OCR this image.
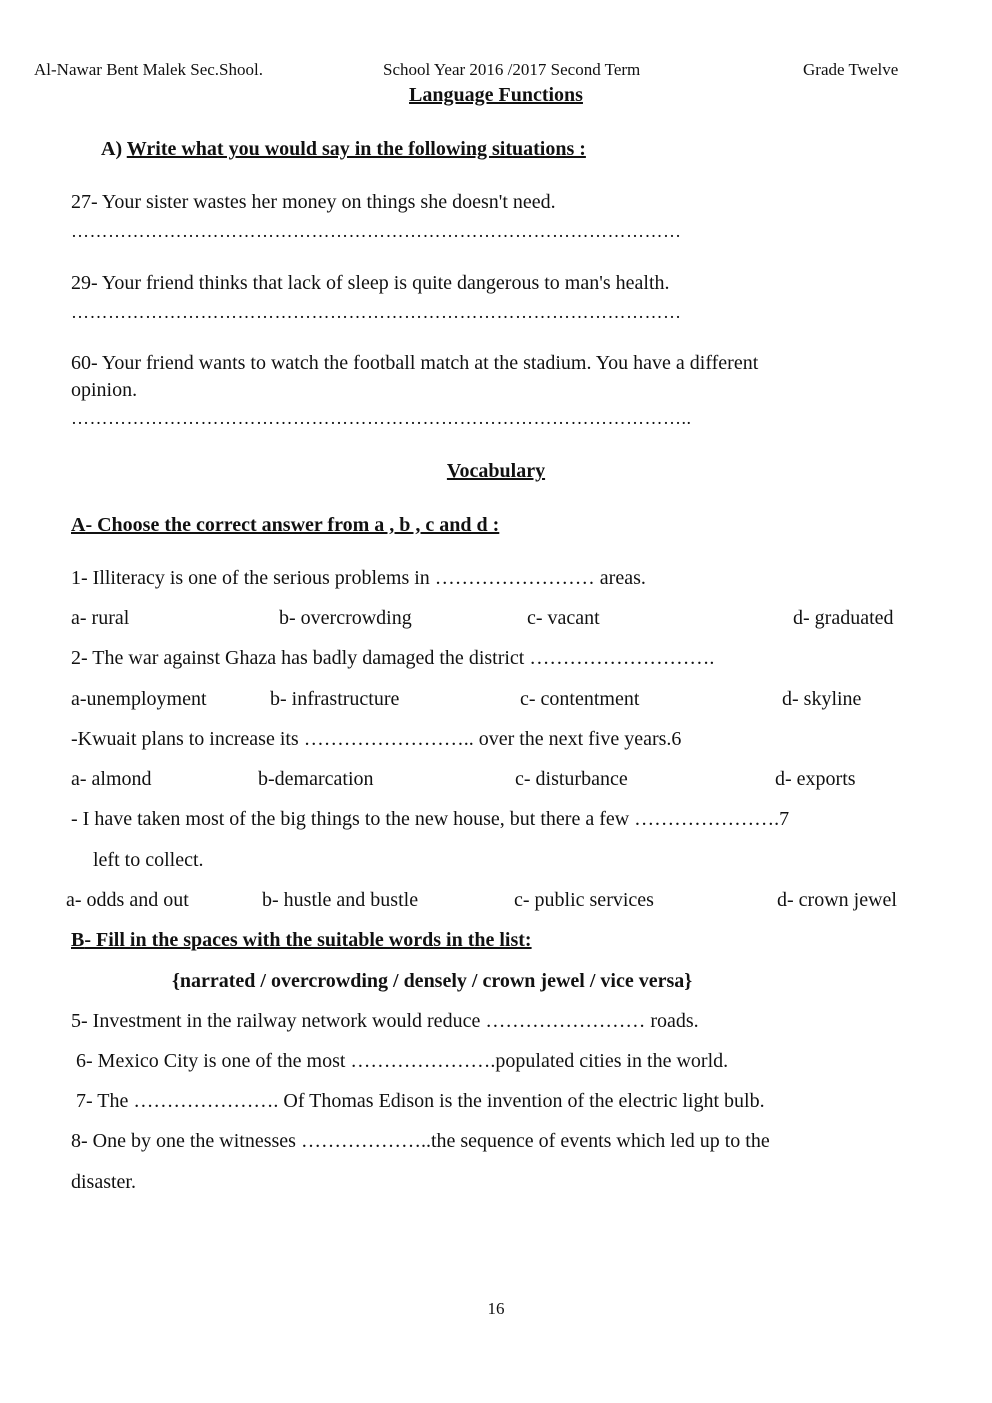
Al-Nawar Bent Malek Sec.Shool.	School Year 2016 /2017 Second Term	Grade Twelve
Language Functions
A) Write what you would say in the following situations :
27- Your sister wastes her money on things she doesn't need.
………………………………………………………………………………………
29- Your friend thinks that lack of sleep is quite dangerous to man's health.
………………………………………………………………………………………
60- Your friend wants to watch the football match at the stadium. You have a different
opinion.
………………………………………………………………………………………..
Vocabulary
A- Choose the correct answer from a , b , c and d :
1- Illiteracy is one of the serious problems in …………………… areas.
a- rural	b- overcrowding	c- vacant	d- graduated
2- The war against Ghaza has badly damaged the district ……………………….
a-unemployment	b- infrastructure	c- contentment	d- skyline
-Kwuait plans to increase its …………………….. over the next five years.6
a- almond	b-demarcation	c- disturbance	d- exports
- I have taken most of the big things to the new house, but there a few ………………….7
left to collect.
a- odds and out	b- hustle and bustle	c- public services	d- crown jewel
B- Fill in the spaces with the suitable words in the list:
{narrated / overcrowding / densely / crown jewel / vice versa}
5- Investment in the railway network would reduce …………………… roads.
6- Mexico City is one of the most ………………….populated cities in the world.
7- The …………………. Of Thomas Edison is the invention of the electric light bulb.
8- One by one the witnesses ………………..the sequence of events which led up to the
disaster.
16
